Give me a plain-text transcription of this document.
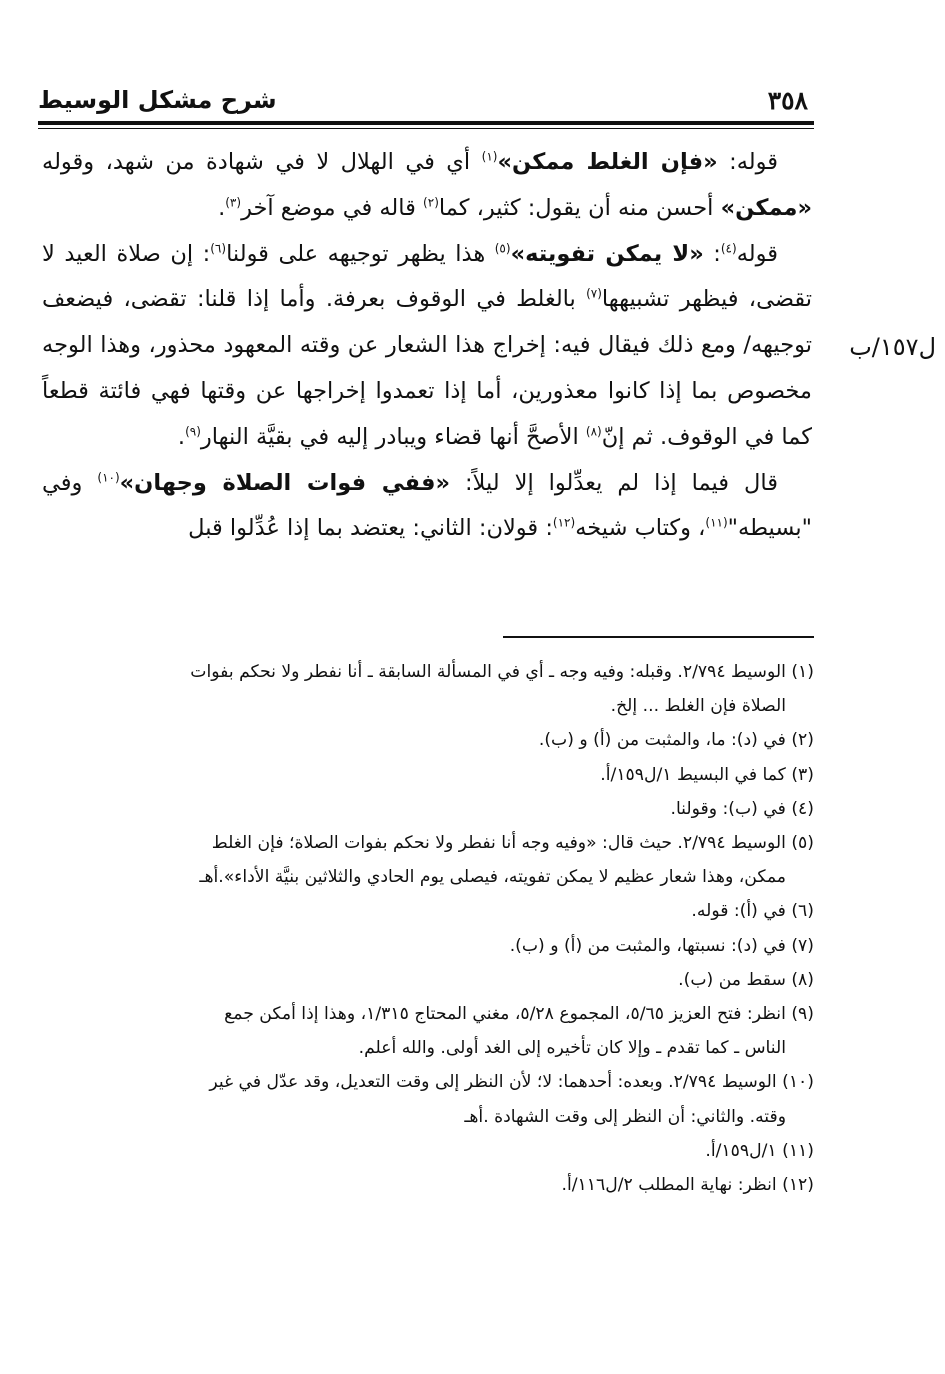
٣٥٨
شرح مشكل الوسيط
ل١٥٧/ب

قوله: «فإن الغلط ممكن»$^{(١)}$ أي في الهلال لا في شهادة من شهد، وقوله «ممكن» أحسن منه أن يقول: كثير، كما$^{(٢)}$ قاله في موضع آخر$^{(٣)}$.

قوله$^{(٤)}$: «لا يمكن تفويته»$^{(٥)}$ هذا يظهر توجيهه على قولنا$^{(٦)}$: إن صلاة العيد لا تقضى، فيظهر تشبيهها$^{(٧)}$ بالغلط في الوقوف بعرفة. وأما إذا قلنا: تقضى، فيضعف توجيهه/ ومع ذلك فيقال فيه: إخراج هذا الشعار عن وقته المعهود محذور، وهذا الوجه مخصوص بما إذا كانوا معذورين، أما إذا تعمدوا إخراجها عن وقتها فهي فائتة قطعاً كما في الوقوف. ثم إنّ$^{(٨)}$ الأصحَّ أنها قضاء ويبادر إليه في بقيَّة النهار$^{(٩)}$.

قال فيما إذا لم يعدِّلوا إلا ليلاً: «ففي فوات الصلاة وجهان»$^{(١٠)}$ وفي "بسيطه"$^{(١١)}$، وكتاب شيخه$^{(١٢)}$: قولان: الثاني: يعتضد بما إذا عُدِّلوا قبل

(١) الوسيط ٢/٧٩٤. وقبله: وفيه وجه ـ أي في المسألة السابقة ـ أنا نفطر ولا نحكم بفوات
الصلاة فإن الغلط ... إلخ.
(٢) في (د): ما، والمثبت من (أ) و (ب).
(٣) كما في البسيط ١/ل١٥٩/أ.
(٤) في (ب): وقولنا.
(٥) الوسيط ٢/٧٩٤. حيث قال: «وفيه وجه أنا نفطر ولا نحكم بفوات الصلاة؛ فإن الغلط
ممكن، وهذا شعار عظيم لا يمكن تفويته، فيصلى يوم الحادي والثلاثين بنيَّة الأداء».أهـ
(٦) في (أ): قوله.
(٧) في (د): نسبتها، والمثبت من (أ) و (ب).
(٨) سقط من (ب).
(٩) انظر: فتح العزيز ٥/٦٥، المجموع ٥/٢٨، مغني المحتاج ١/٣١٥، وهذا إذا أمكن جمع
الناس ـ كما تقدم ـ وإلا كان تأخيره إلى الغد أولى. والله أعلم.
(١٠) الوسيط ٢/٧٩٤. وبعده: أحدهما: لا؛ لأن النظر إلى وقت التعديل، وقد عدّل في غير
وقته. والثاني: أن النظر إلى وقت الشهادة .أهـ
(١١) ١/ل١٥٩/أ.
(١٢) انظر: نهاية المطلب ٢/ل١١٦/أ.
